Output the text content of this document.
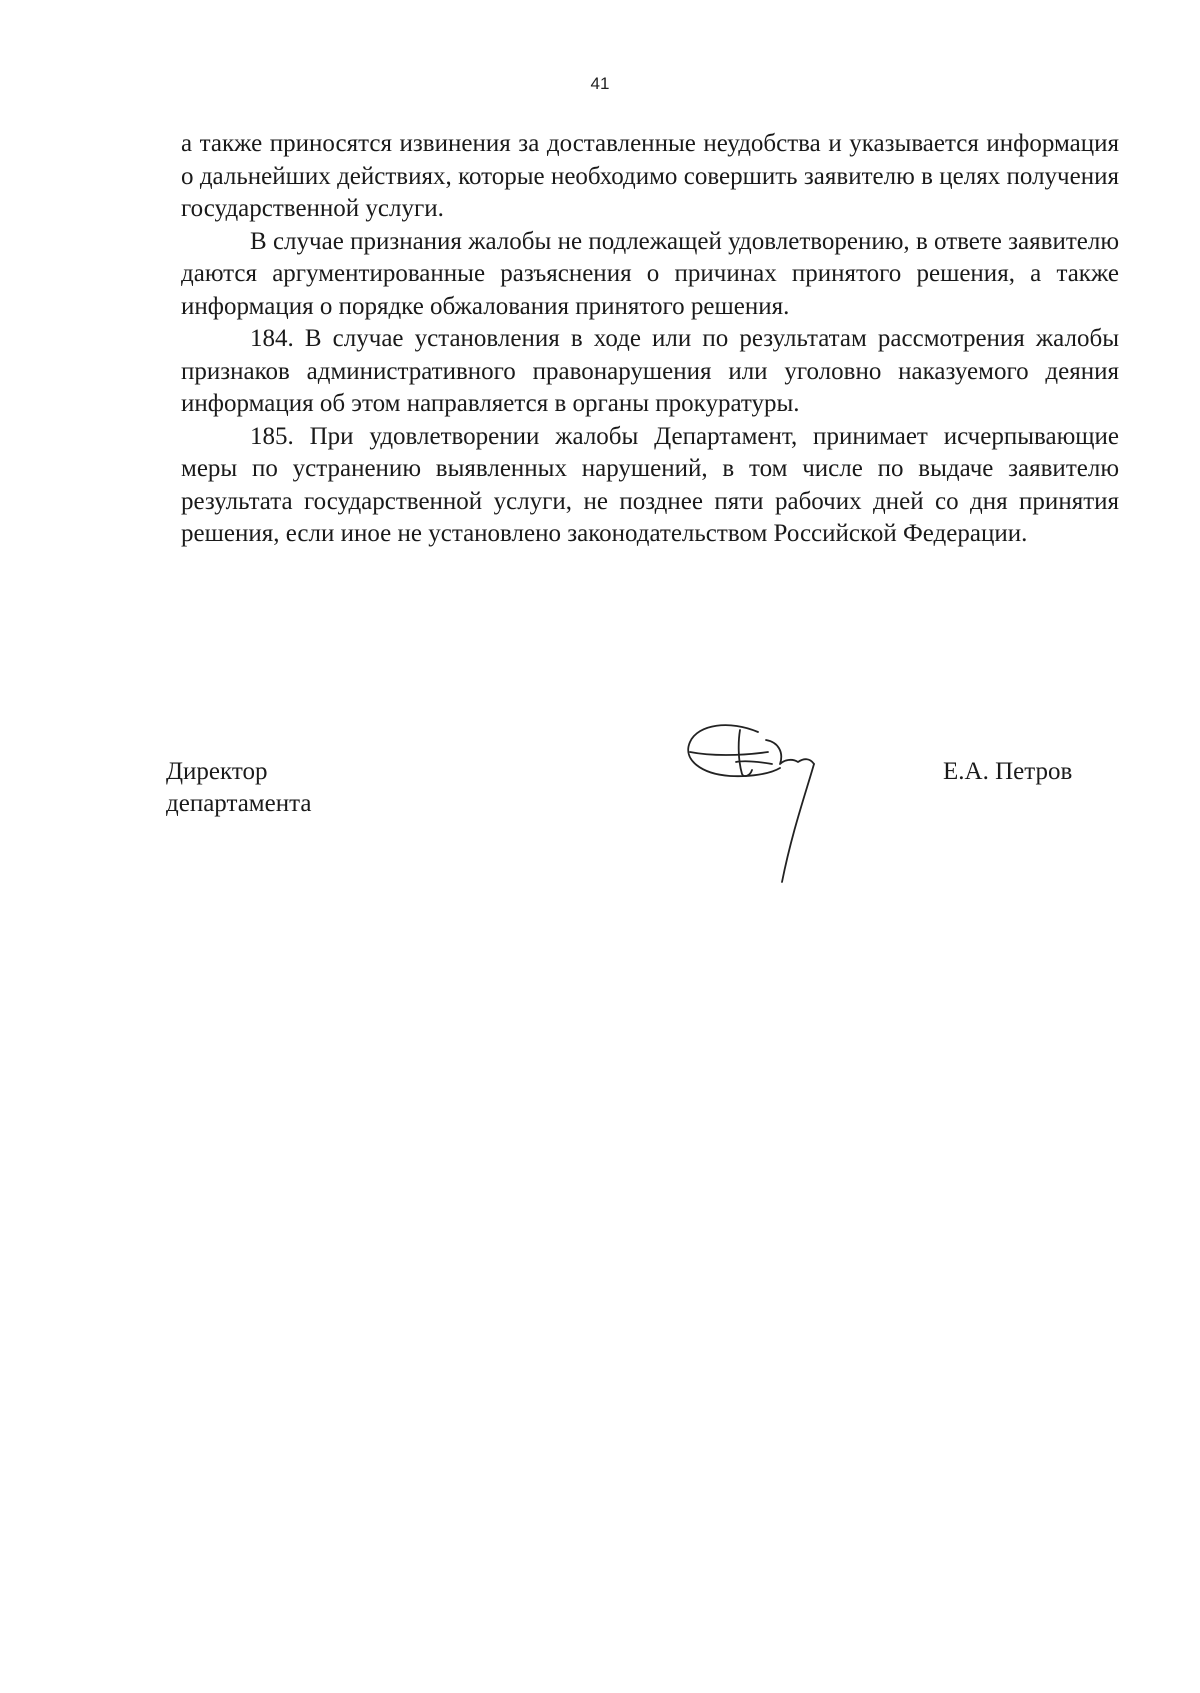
41

а также приносятся извинения за доставленные неудобства и указывается информация о дальнейших действиях, которые необходимо совершить заявителю в целях получения государственной услуги.

В случае признания жалобы не подлежащей удовлетворению, в ответе заявителю даются аргументированные разъяснения о причинах принятого решения, а также информация о порядке обжалования принятого решения.

184. В случае установления в ходе или по результатам рассмотрения жалобы признаков административного правонарушения или уголовно наказуемого деяния информация об этом направляется в органы прокуратуры.

185. При удовлетворении жалобы Департамент, принимает исчерпывающие меры по устранению выявленных нарушений, в том числе по выдаче заявителю результата государственной услуги, не позднее пяти рабочих дней со дня принятия решения, если иное не установлено законодательством Российской Федерации.

Директор
департамента
Е.А. Петров
